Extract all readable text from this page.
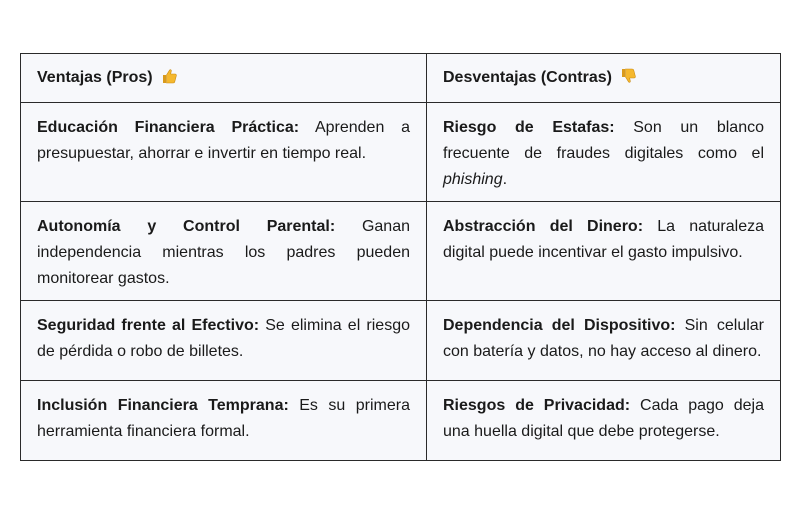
Ventajas (Pros)	Desventajas (Contras)
Educación Financiera Práctica: Aprenden a presupuestar, ahorrar e invertir en tiempo real.	Riesgo de Estafas: Son un blanco frecuente de fraudes digitales como el phishing.
Autonomía y Control Parental: Ganan independencia mientras los padres pueden monitorear gastos.	Abstracción del Dinero: La naturaleza digital puede incentivar el gasto impulsivo.
Seguridad frente al Efectivo: Se elimina el riesgo de pérdida o robo de billetes.	Dependencia del Dispositivo: Sin celular con batería y datos, no hay acceso al dinero.
Inclusión Financiera Temprana: Es su primera herramienta financiera formal.	Riesgos de Privacidad: Cada pago deja una huella digital que debe protegerse.
